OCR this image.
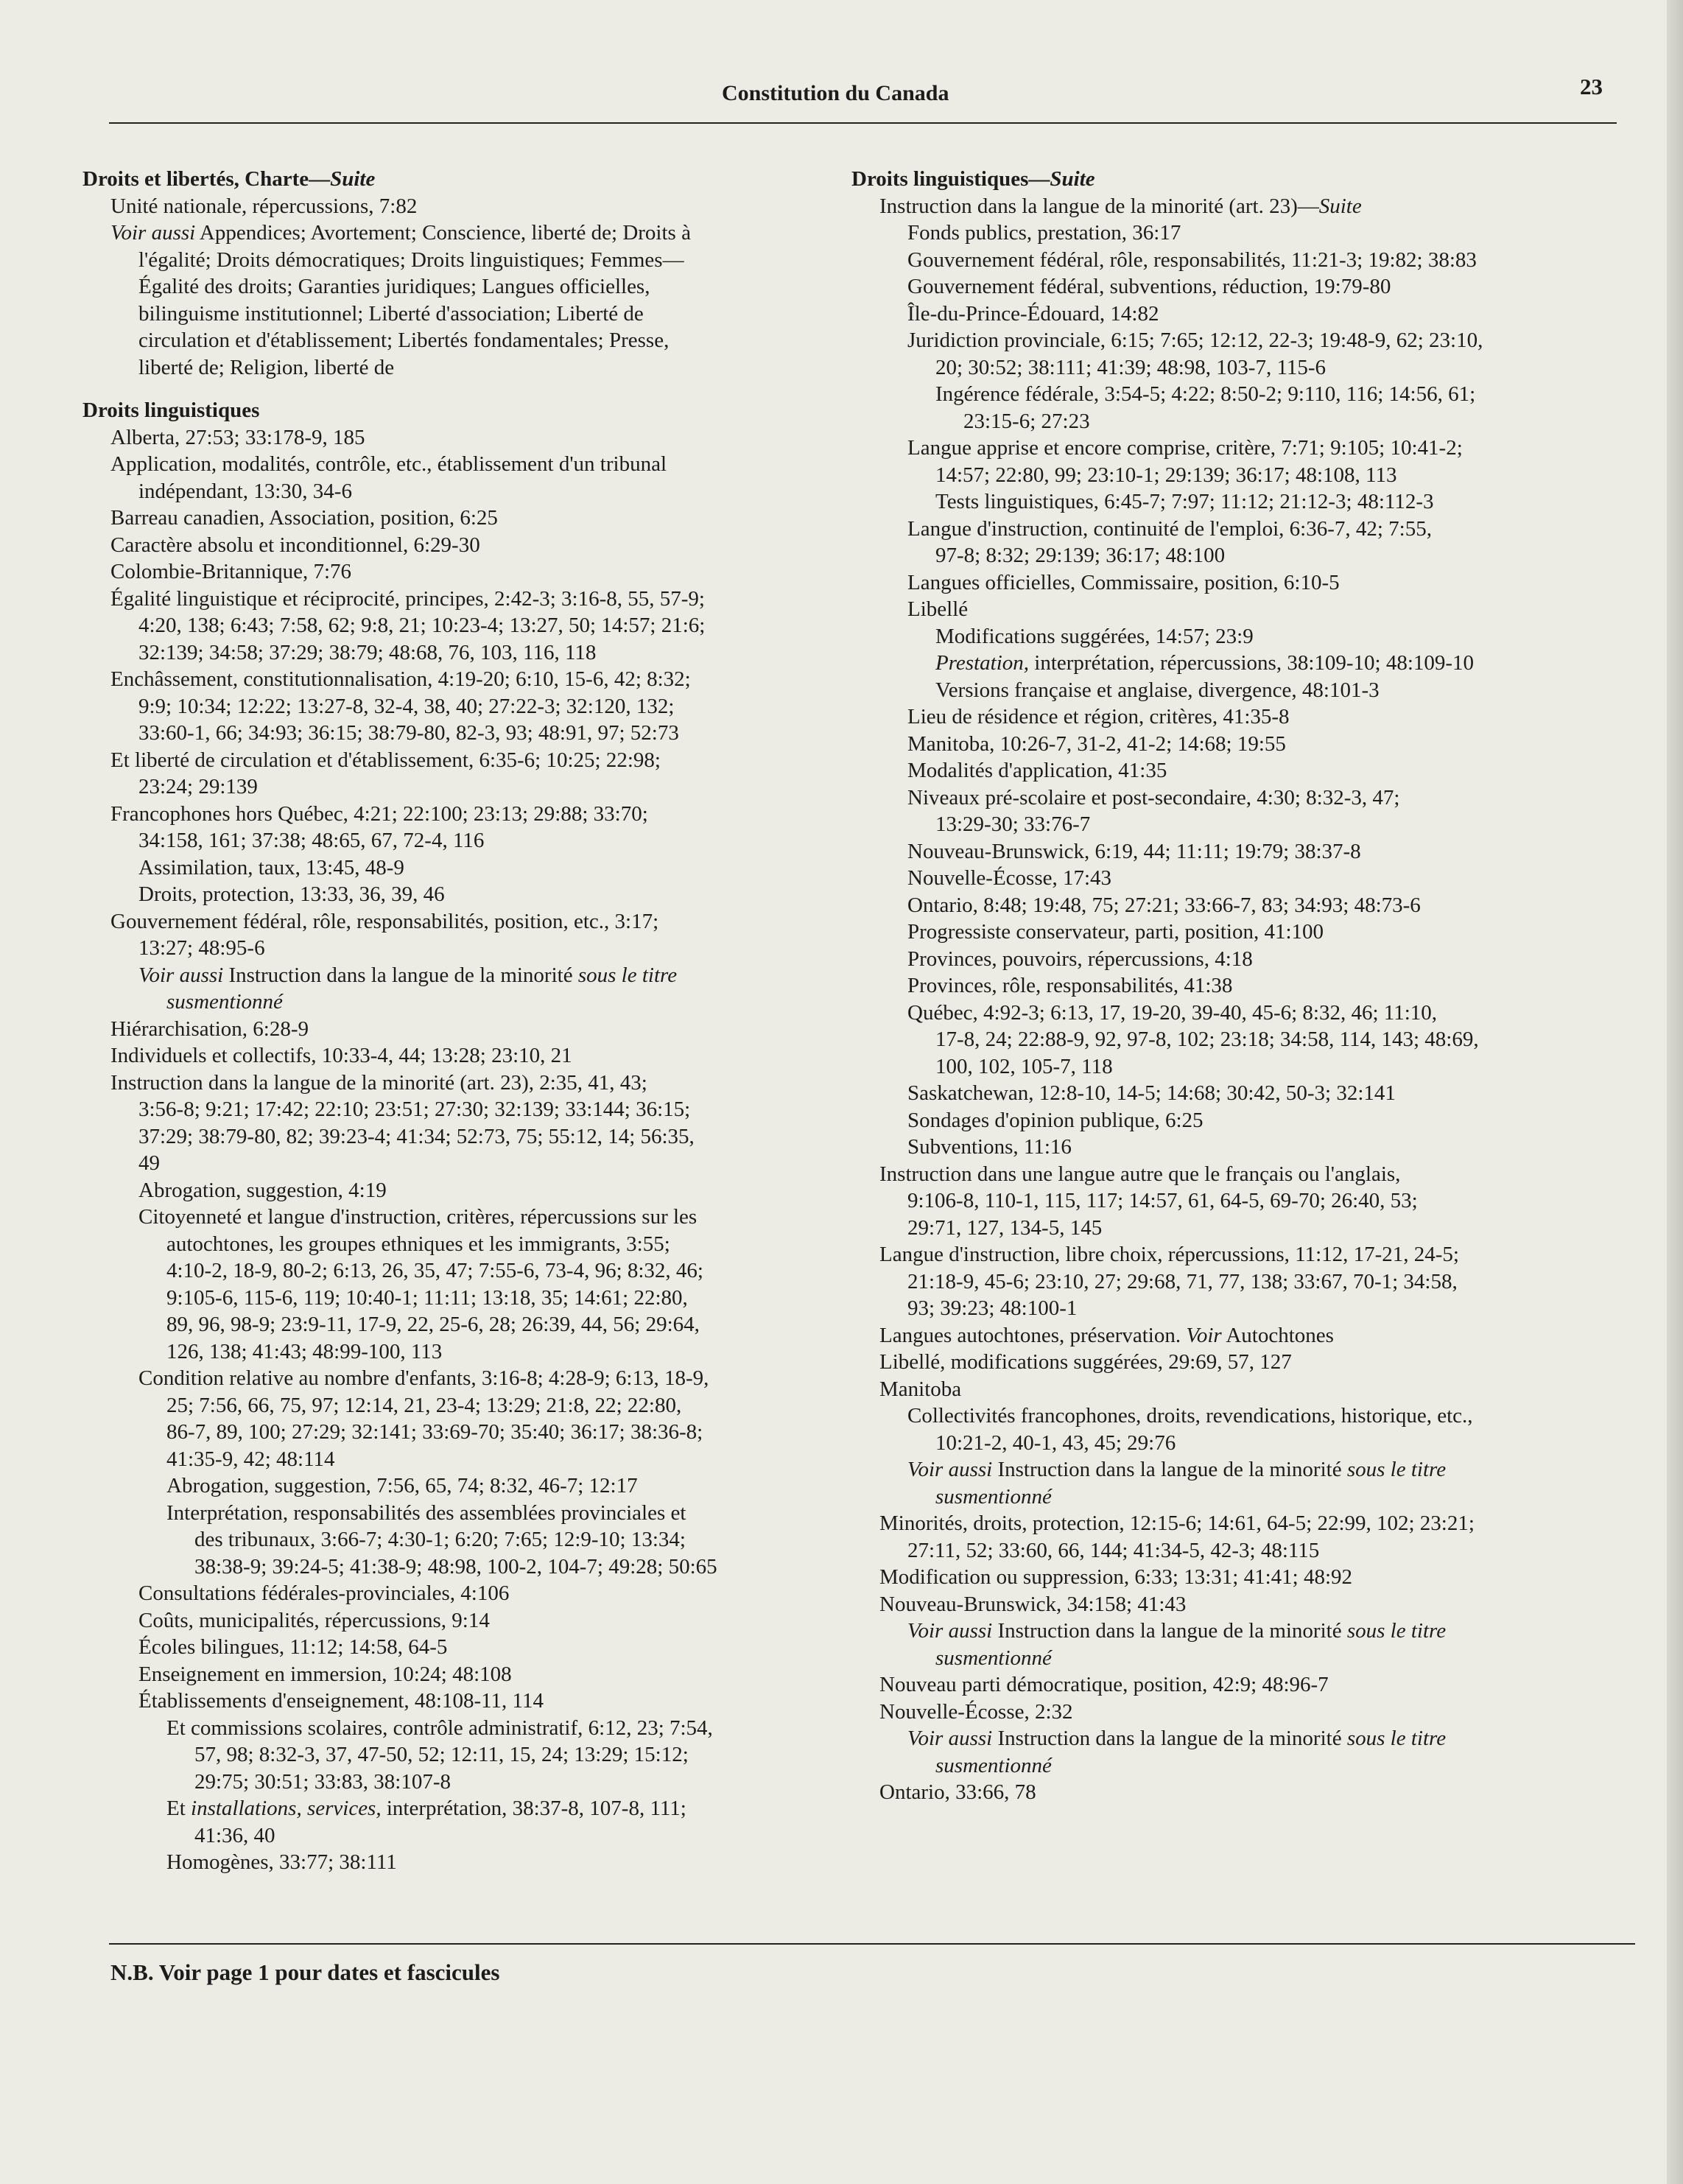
Constitution du Canada	23
Droits et libertés, Charte—Suite
Unité nationale, répercussions, 7:82
Voir aussi Appendices; Avortement; Conscience, liberté de; Droits à
l'égalité; Droits démocratiques; Droits linguistiques; Femmes—
Égalité des droits; Garanties juridiques; Langues officielles,
bilinguisme institutionnel; Liberté d'association; Liberté de
circulation et d'établissement; Libertés fondamentales; Presse,
liberté de; Religion, liberté de
Droits linguistiques
Alberta, 27:53; 33:178-9, 185
Application, modalités, contrôle, etc., établissement d'un tribunal
indépendant, 13:30, 34-6
Barreau canadien, Association, position, 6:25
Caractère absolu et inconditionnel, 6:29-30
Colombie-Britannique, 7:76
Égalité linguistique et réciprocité, principes, 2:42-3; 3:16-8, 55, 57-9;
4:20, 138; 6:43; 7:58, 62; 9:8, 21; 10:23-4; 13:27, 50; 14:57; 21:6;
32:139; 34:58; 37:29; 38:79; 48:68, 76, 103, 116, 118
Enchâssement, constitutionnalisation, 4:19-20; 6:10, 15-6, 42; 8:32;
9:9; 10:34; 12:22; 13:27-8, 32-4, 38, 40; 27:22-3; 32:120, 132;
33:60-1, 66; 34:93; 36:15; 38:79-80, 82-3, 93; 48:91, 97; 52:73
Et liberté de circulation et d'établissement, 6:35-6; 10:25; 22:98;
23:24; 29:139
Francophones hors Québec, 4:21; 22:100; 23:13; 29:88; 33:70;
34:158, 161; 37:38; 48:65, 67, 72-4, 116
Assimilation, taux, 13:45, 48-9
Droits, protection, 13:33, 36, 39, 46
Gouvernement fédéral, rôle, responsabilités, position, etc., 3:17;
13:27; 48:95-6
Voir aussi Instruction dans la langue de la minorité sous le titre
susmentionné
Hiérarchisation, 6:28-9
Individuels et collectifs, 10:33-4, 44; 13:28; 23:10, 21
Instruction dans la langue de la minorité (art. 23), 2:35, 41, 43;
3:56-8; 9:21; 17:42; 22:10; 23:51; 27:30; 32:139; 33:144; 36:15;
37:29; 38:79-80, 82; 39:23-4; 41:34; 52:73, 75; 55:12, 14; 56:35,
49
Abrogation, suggestion, 4:19
Citoyenneté et langue d'instruction, critères, répercussions sur les
autochtones, les groupes ethniques et les immigrants, 3:55;
4:10-2, 18-9, 80-2; 6:13, 26, 35, 47; 7:55-6, 73-4, 96; 8:32, 46;
9:105-6, 115-6, 119; 10:40-1; 11:11; 13:18, 35; 14:61; 22:80,
89, 96, 98-9; 23:9-11, 17-9, 22, 25-6, 28; 26:39, 44, 56; 29:64,
126, 138; 41:43; 48:99-100, 113
Condition relative au nombre d'enfants, 3:16-8; 4:28-9; 6:13, 18-9,
25; 7:56, 66, 75, 97; 12:14, 21, 23-4; 13:29; 21:8, 22; 22:80,
86-7, 89, 100; 27:29; 32:141; 33:69-70; 35:40; 36:17; 38:36-8;
41:35-9, 42; 48:114
Abrogation, suggestion, 7:56, 65, 74; 8:32, 46-7; 12:17
Interprétation, responsabilités des assemblées provinciales et
des tribunaux, 3:66-7; 4:30-1; 6:20; 7:65; 12:9-10; 13:34;
38:38-9; 39:24-5; 41:38-9; 48:98, 100-2, 104-7; 49:28; 50:65
Consultations fédérales-provinciales, 4:106
Coûts, municipalités, répercussions, 9:14
Écoles bilingues, 11:12; 14:58, 64-5
Enseignement en immersion, 10:24; 48:108
Établissements d'enseignement, 48:108-11, 114
Et commissions scolaires, contrôle administratif, 6:12, 23; 7:54,
57, 98; 8:32-3, 37, 47-50, 52; 12:11, 15, 24; 13:29; 15:12;
29:75; 30:51; 33:83, 38:107-8
Et installations, services, interprétation, 38:37-8, 107-8, 111;
41:36, 40
Homogènes, 33:77; 38:111
Droits linguistiques—Suite
Instruction dans la langue de la minorité (art. 23)—Suite
Fonds publics, prestation, 36:17
Gouvernement fédéral, rôle, responsabilités, 11:21-3; 19:82; 38:83
Gouvernement fédéral, subventions, réduction, 19:79-80
Île-du-Prince-Édouard, 14:82
Juridiction provinciale, 6:15; 7:65; 12:12, 22-3; 19:48-9, 62; 23:10,
20; 30:52; 38:111; 41:39; 48:98, 103-7, 115-6
Ingérence fédérale, 3:54-5; 4:22; 8:50-2; 9:110, 116; 14:56, 61;
23:15-6; 27:23
Langue apprise et encore comprise, critère, 7:71; 9:105; 10:41-2;
14:57; 22:80, 99; 23:10-1; 29:139; 36:17; 48:108, 113
Tests linguistiques, 6:45-7; 7:97; 11:12; 21:12-3; 48:112-3
Langue d'instruction, continuité de l'emploi, 6:36-7, 42; 7:55,
97-8; 8:32; 29:139; 36:17; 48:100
Langues officielles, Commissaire, position, 6:10-5
Libellé
Modifications suggérées, 14:57; 23:9
Prestation, interprétation, répercussions, 38:109-10; 48:109-10
Versions française et anglaise, divergence, 48:101-3
Lieu de résidence et région, critères, 41:35-8
Manitoba, 10:26-7, 31-2, 41-2; 14:68; 19:55
Modalités d'application, 41:35
Niveaux pré-scolaire et post-secondaire, 4:30; 8:32-3, 47;
13:29-30; 33:76-7
Nouveau-Brunswick, 6:19, 44; 11:11; 19:79; 38:37-8
Nouvelle-Écosse, 17:43
Ontario, 8:48; 19:48, 75; 27:21; 33:66-7, 83; 34:93; 48:73-6
Progressiste conservateur, parti, position, 41:100
Provinces, pouvoirs, répercussions, 4:18
Provinces, rôle, responsabilités, 41:38
Québec, 4:92-3; 6:13, 17, 19-20, 39-40, 45-6; 8:32, 46; 11:10,
17-8, 24; 22:88-9, 92, 97-8, 102; 23:18; 34:58, 114, 143; 48:69,
100, 102, 105-7, 118
Saskatchewan, 12:8-10, 14-5; 14:68; 30:42, 50-3; 32:141
Sondages d'opinion publique, 6:25
Subventions, 11:16
Instruction dans une langue autre que le français ou l'anglais,
9:106-8, 110-1, 115, 117; 14:57, 61, 64-5, 69-70; 26:40, 53;
29:71, 127, 134-5, 145
Langue d'instruction, libre choix, répercussions, 11:12, 17-21, 24-5;
21:18-9, 45-6; 23:10, 27; 29:68, 71, 77, 138; 33:67, 70-1; 34:58,
93; 39:23; 48:100-1
Langues autochtones, préservation. Voir Autochtones
Libellé, modifications suggérées, 29:69, 57, 127
Manitoba
Collectivités francophones, droits, revendications, historique, etc.,
10:21-2, 40-1, 43, 45; 29:76
Voir aussi Instruction dans la langue de la minorité sous le titre
susmentionné
Minorités, droits, protection, 12:15-6; 14:61, 64-5; 22:99, 102; 23:21;
27:11, 52; 33:60, 66, 144; 41:34-5, 42-3; 48:115
Modification ou suppression, 6:33; 13:31; 41:41; 48:92
Nouveau-Brunswick, 34:158; 41:43
Voir aussi Instruction dans la langue de la minorité sous le titre
susmentionné
Nouveau parti démocratique, position, 42:9; 48:96-7
Nouvelle-Écosse, 2:32
Voir aussi Instruction dans la langue de la minorité sous le titre
susmentionné
Ontario, 33:66, 78
N.B. Voir page 1 pour dates et fascicules
